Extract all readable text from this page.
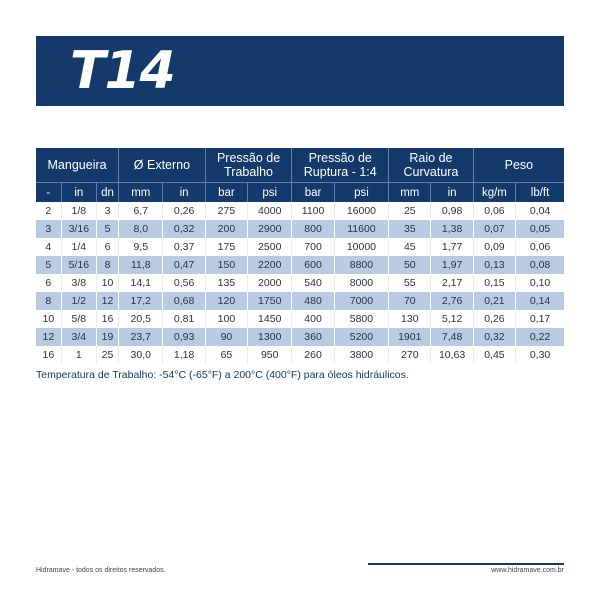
T14
Mangueira			Ø Externo		Pressão de Trabalho		Pressão de Ruptura - 1:4		Raio de Curvatura		Peso	
-	in	dn	mm	in	bar	psi	bar	psi	mm	in	kg/m	lb/ft
2	1/8	3	6,7	0,26	275	4000	1100	16000	25	0,98	0,06	0,04
3	3/16	5	8,0	0,32	200	2900	800	11600	35	1,38	0,07	0,05
4	1/4	6	9,5	0,37	175	2500	700	10000	45	1,77	0,09	0,06
5	5/16	8	11,8	0,47	150	2200	600	8800	50	1,97	0,13	0,08
6	3/8	10	14,1	0,56	135	2000	540	8000	55	2,17	0,15	0,10
8	1/2	12	17,2	0,68	120	1750	480	7000	70	2,76	0,21	0,14
10	5/8	16	20,5	0,81	100	1450	400	5800	130	5,12	0,26	0,17
12	3/4	19	23,7	0,93	90	1300	360	5200	1901	7,48	0,32	0,22
16	1	25	30,0	1,18	65	950	260	3800	270	10,63	0,45	0,30
Temperatura de Trabalho: -54°C (-65°F) a 200°C (400°F) para óleos hidráulicos.
Hidramave - todos os direitos reservados.	www.hidramave.com.br
